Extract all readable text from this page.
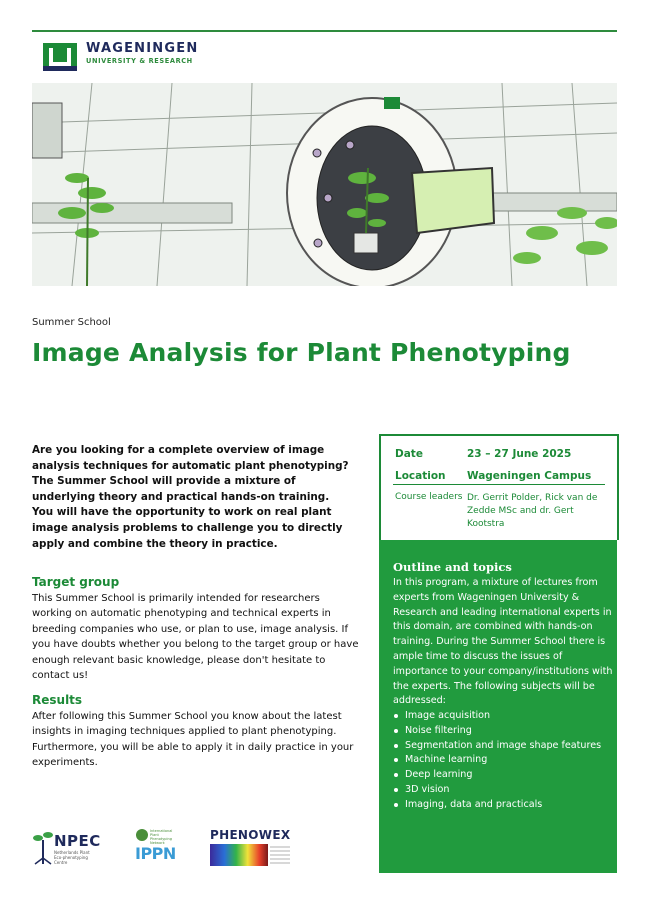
WAGENINGEN
UNIVERSITY & RESEARCH
Summer School
Image Analysis for Plant Phenotyping
Are you looking for a complete overview of image analysis techniques for automatic plant phenotyping? The Summer School will provide a mixture of underlying theory and practical hands-on training. You will have the opportunity to work on real plant image analysis problems to challenge you to directly apply and combine the theory in practice.
Target group
This Summer School is primarily intended for researchers working on automatic phenotyping and technical experts in breeding companies who use, or plan to use, image analysis. If you have doubts whether you belong to the target group or have enough relevant basic knowledge, please don't hesitate to contact us!
Results
After following this Summer School you know about the latest insights in imaging techniques applied to plant phenotyping. Furthermore, you will be able to apply it in daily practice in your experiments.
Date	23 – 27 June 2025
Location Wageningen Campus
Course leaders Dr. Gerrit Polder, Rick van de Zedde MSc and dr. Gert Kootstra
Outline and topics
In this program, a mixture of lectures from experts from Wageningen University & Research and leading international experts in this domain, are combined with hands-on training. During the Summer School there is ample time to discuss the issues of importance to your company/institutions with the experts. The following subjects will be addressed:
Image acquisition
Noise filtering
Segmentation and image shape features
Machine learning
Deep learning
3D vision
Imaging, data and practicals
NPEC
Netherlands Plant Eco-phenotyping Centre
International Plant Phenotyping Network
IPPN
PHENOWEX
